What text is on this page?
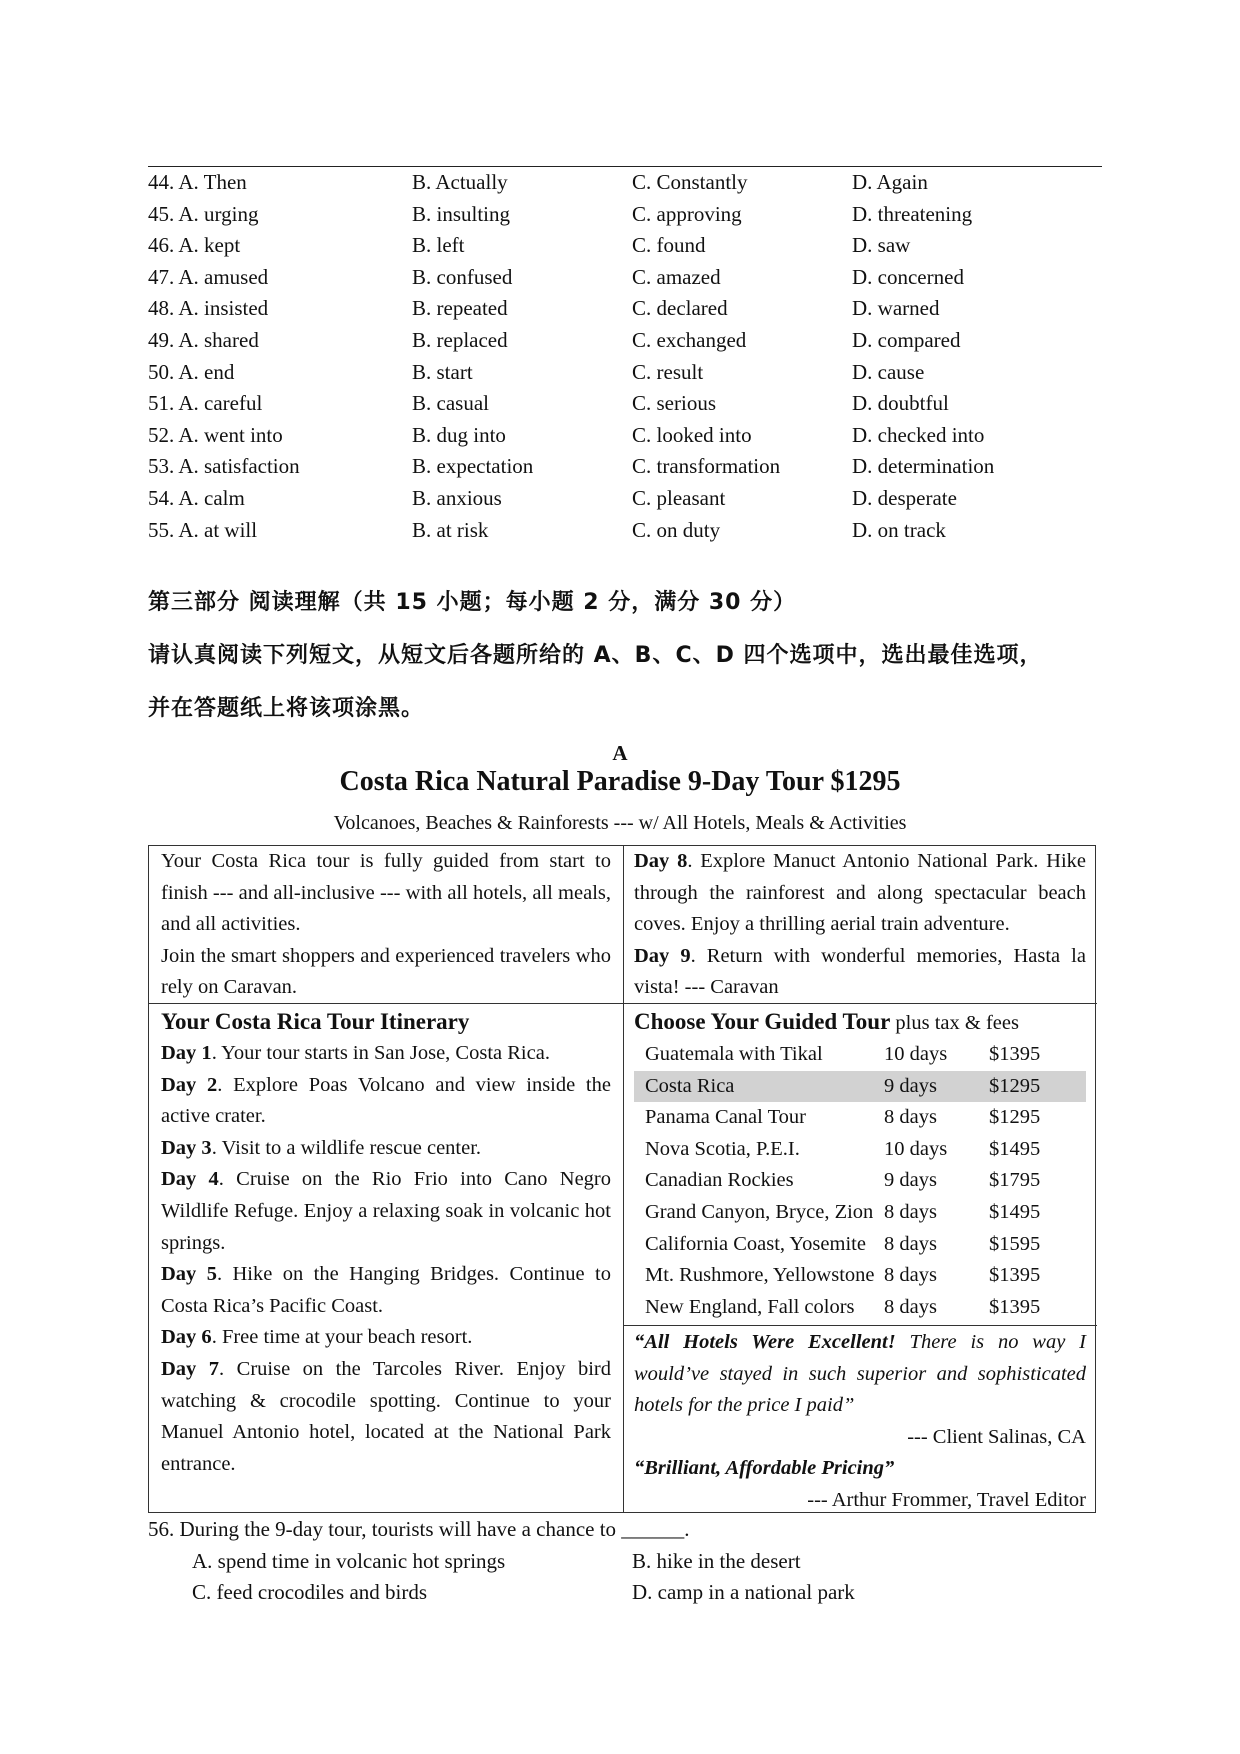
44. A. Then	B. Actually	C. Constantly	D. Again
45. A. urging	B. insulting	C. approving	D. threatening
46. A. kept	B. left	C. found	D. saw
47. A. amused	B. confused	C. amazed	D. concerned
48. A. insisted	B. repeated	C. declared	D. warned
49. A. shared	B. replaced	C. exchanged	D. compared
50. A. end	B. start	C. result	D. cause
51. A. careful	B. casual	C. serious	D. doubtful
52. A. went into	B. dug into	C. looked into	D. checked into
53. A. satisfaction	B. expectation	C. transformation	D. determination
54. A. calm	B. anxious	C. pleasant	D. desperate
55. A. at will	B. at risk	C. on duty	D. on track
第三部分 阅读理解（共 15 小题；每小题 2 分，满分 30 分）
请认真阅读下列短文，从短文后各题所给的 A、B、C、D 四个选项中，选出最佳选项，
并在答题纸上将该项涂黑。
A
Costa Rica Natural Paradise 9-Day Tour $1295
Volcanoes, Beaches & Rainforests --- w/ All Hotels, Meals & Activities

Your Costa Rica tour is fully guided from start to finish --- and all-inclusive --- with all hotels, all meals, and all activities.

Join the smart shoppers and experienced travelers who rely on Caravan.

Your Costa Rica Tour Itinerary

Day 1. Your tour starts in San Jose, Costa Rica.

Day 2. Explore Poas Volcano and view inside the active crater.

Day 3. Visit to a wildlife rescue center.

Day 4. Cruise on the Rio Frio into Cano Negro Wildlife Refuge. Enjoy a relaxing soak in volcanic hot springs.

Day 5. Hike on the Hanging Bridges. Continue to Costa Rica’s Pacific Coast.

Day 6. Free time at your beach resort.

Day 7. Cruise on the Tarcoles River. Enjoy bird watching & crocodile spotting. Continue to your Manuel Antonio hotel, located at the National Park entrance.

Day 8. Explore Manuct Antonio National Park. Hike through the rainforest and along spectacular beach coves. Enjoy a thrilling aerial train adventure.

Day 9. Return with wonderful memories, Hasta la vista! --- Caravan

Choose Your Guided Tour plus tax & fees
Guatemala with Tikal	10 days $1395
Costa Rica	9 days	$1295
Panama Canal Tour	8 days	$1295
Nova Scotia, P.E.I.	10 days $1495
Canadian Rockies	9 days	$1795
Grand Canyon, Bryce, Zion 8 days	$1495
California Coast, Yosemite 8 days	$1595
Mt. Rushmore, Yellowstone 8 days	$1395
New England, Fall colors 8 days	$1395

“All Hotels Were Excellent! There is no way I would’ve stayed in such superior and sophisticated hotels for the price I paid”

--- Client Salinas, CA

“Brilliant, Affordable Pricing”

--- Arthur Frommer, Travel Editor

56. During the 9-day tour, tourists will have a chance to ______.
A. spend time in volcanic hot springs	B. hike in the desert
C. feed crocodiles and birds	D. camp in a national park
